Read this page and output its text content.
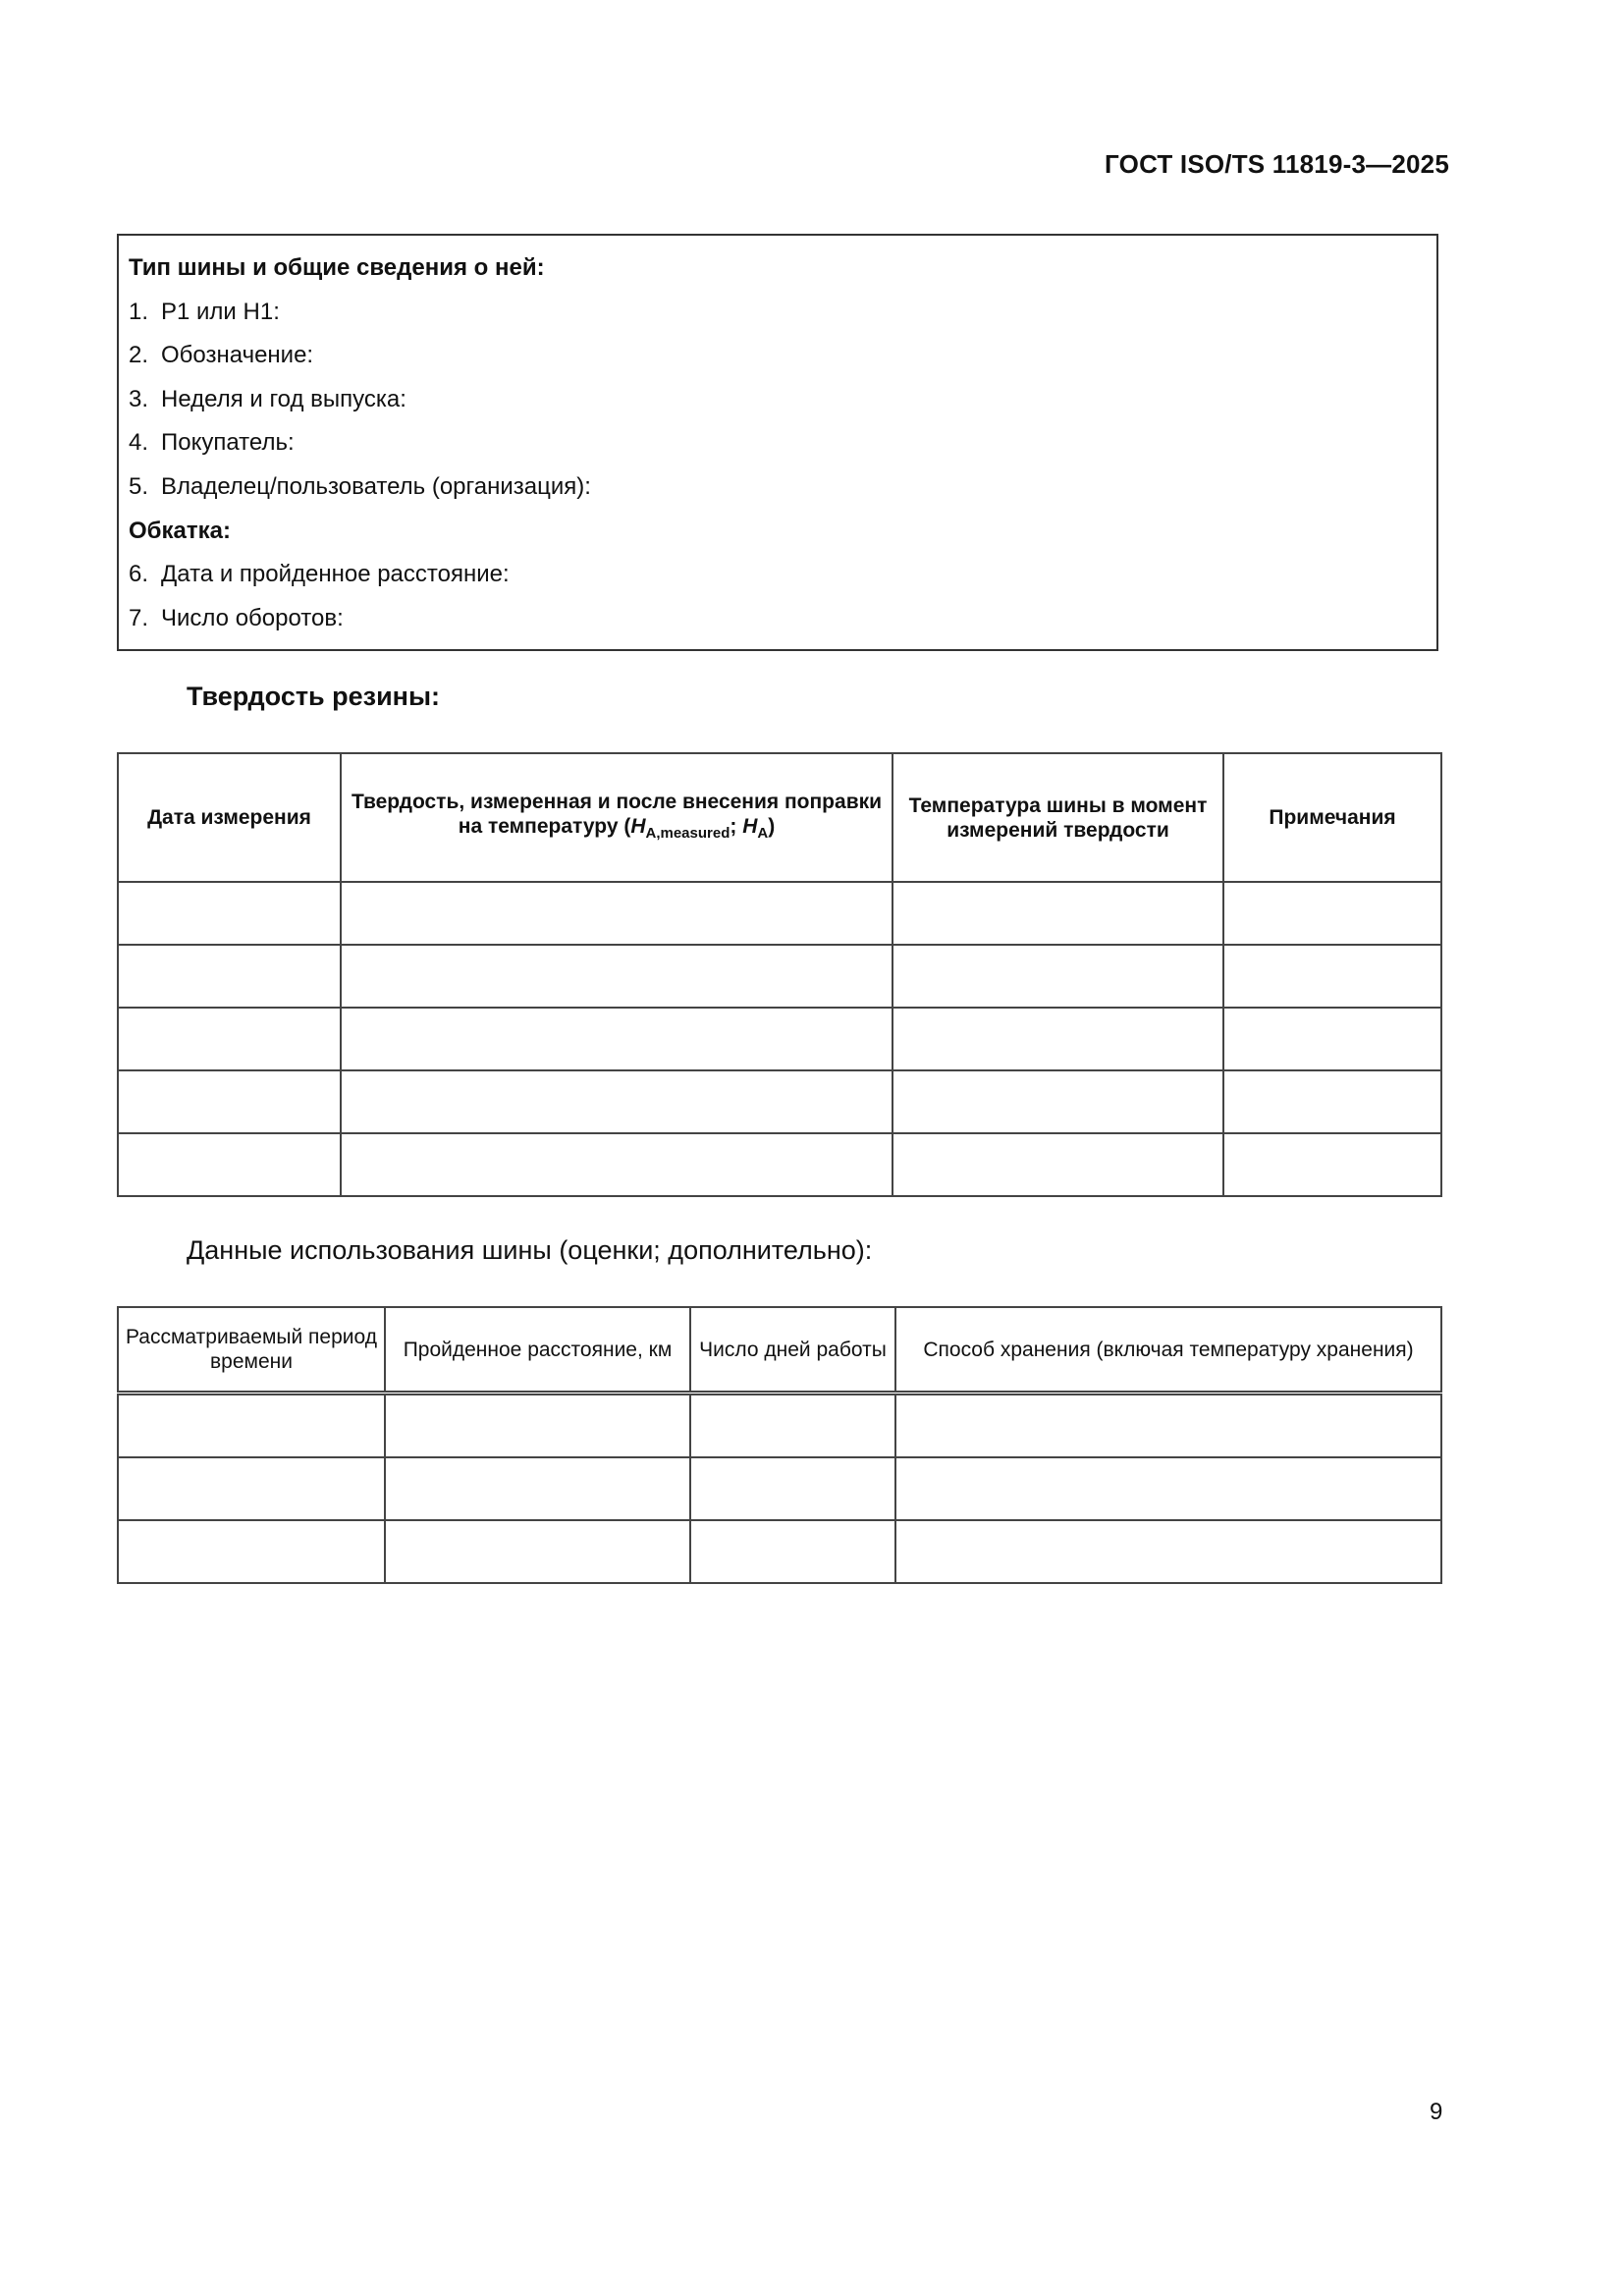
ГОСТ ISO/TS 11819-3—2025
Тип шины и общие сведения о ней:
1. P1 или H1:
2. Обозначение:
3. Неделя и год выпуска:
4. Покупатель:
5. Владелец/пользователь (организация):
Обкатка:
6. Дата и пройденное расстояние:
7. Число оборотов:
Твердость резины:
Дата измерения	Твердость, измеренная и после внесения поправки на температуру ($H_{A,measured}$; $H_A$)	Температура шины в момент измерений твердости	Примечания

Данные использования шины (оценки; дополнительно):
Рассматриваемый период времени	Пройденное расстояние, км	Число дней работы	Способ хранения (включая температуру хранения)

9
